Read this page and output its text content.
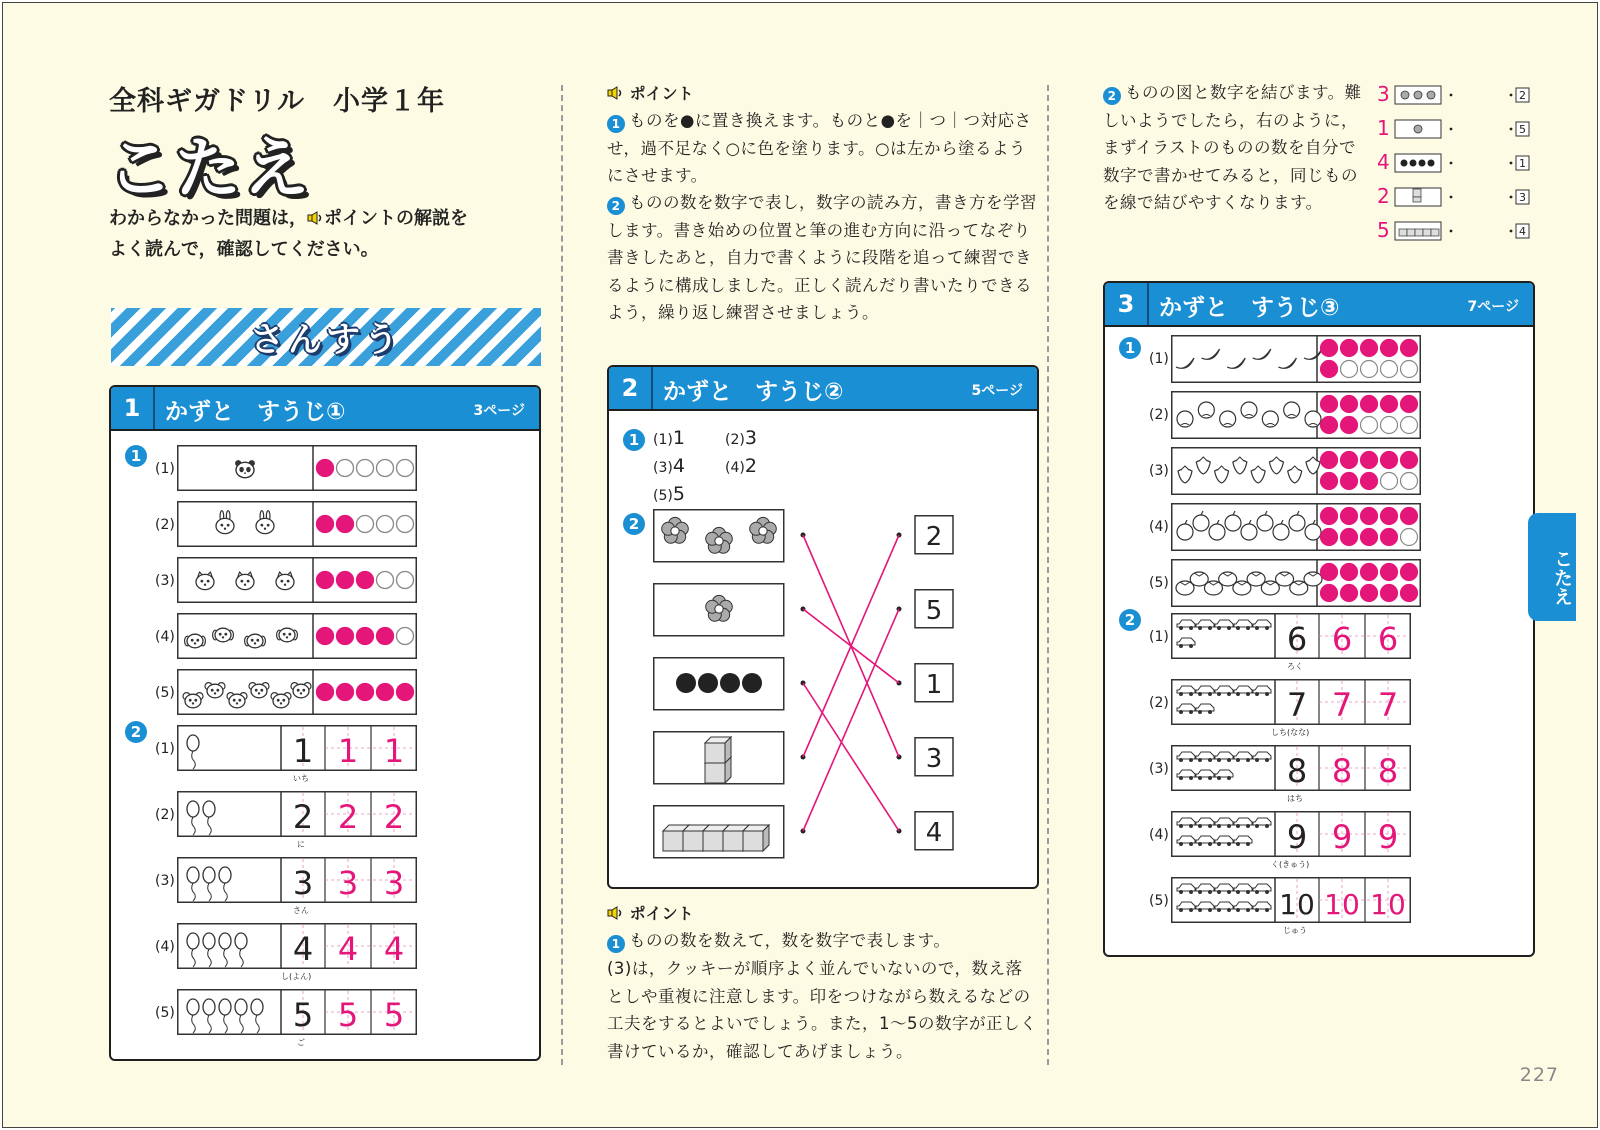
全科ギガドリル　小学１年
こたえ
わからなかった問題は， ポイントの解説を
よく読んで，確認してください。
さんすう
1	かずと　すうじ①	3ページ
1
2
(1)
(2)
(3)
(4)
(5)
(1)	1 1 1
いち
(2)	2 2 2
に
(3)	3 3 3
さん
(4)	4 4 4
し(よん)
(5)	5 5 5
ご
ポイント
1 ものを●に置き換えます。ものと●を｜つ｜つ対応させ，過不足なく○に色を塗ります。○は左から塗るようにさせます。
2 ものの数を数字で表し，数字の読み方，書き方を学習します。書き始めの位置と筆の進む方向に沿ってなぞり書きしたあと，自力で書くように段階を追って練習できるように構成しました。正しく読んだり書いたりできるよう，繰り返し練習させましょう。
2	かずと　すうじ②	5ページ
1
2
(1)1	(2)3
(3)4	(4)2
(5)5
2
5
1
3
4
ポイント
1 ものの数を数えて，数を数字で表します。
(3)は，クッキーが順序よく並んでいないので，数え落としや重複に注意します。印をつけながら数えるなどの工夫をするとよいでしょう。また，1～5の数字が正しく書けているか，確認してあげましょう。
2 ものの図と数字を結びます。難しいようでしたら，右のように，まずイラストのものの数を自分で数字で書かせてみると，同じものを線で結びやすくなります。
3	2
1	5
4	1
2	3
5	4
3	かずと　すうじ③	7ページ
1
2
(1)
(2)
(3)
(4)
(5)
(1)	6 6 6
ろく
(2)	7 7 7
しち(なな)
(3)	8 8 8
はち
(4)	9 9 9
く(きゅう)
(5)	10 10 10
じゅう
こたえ
227
